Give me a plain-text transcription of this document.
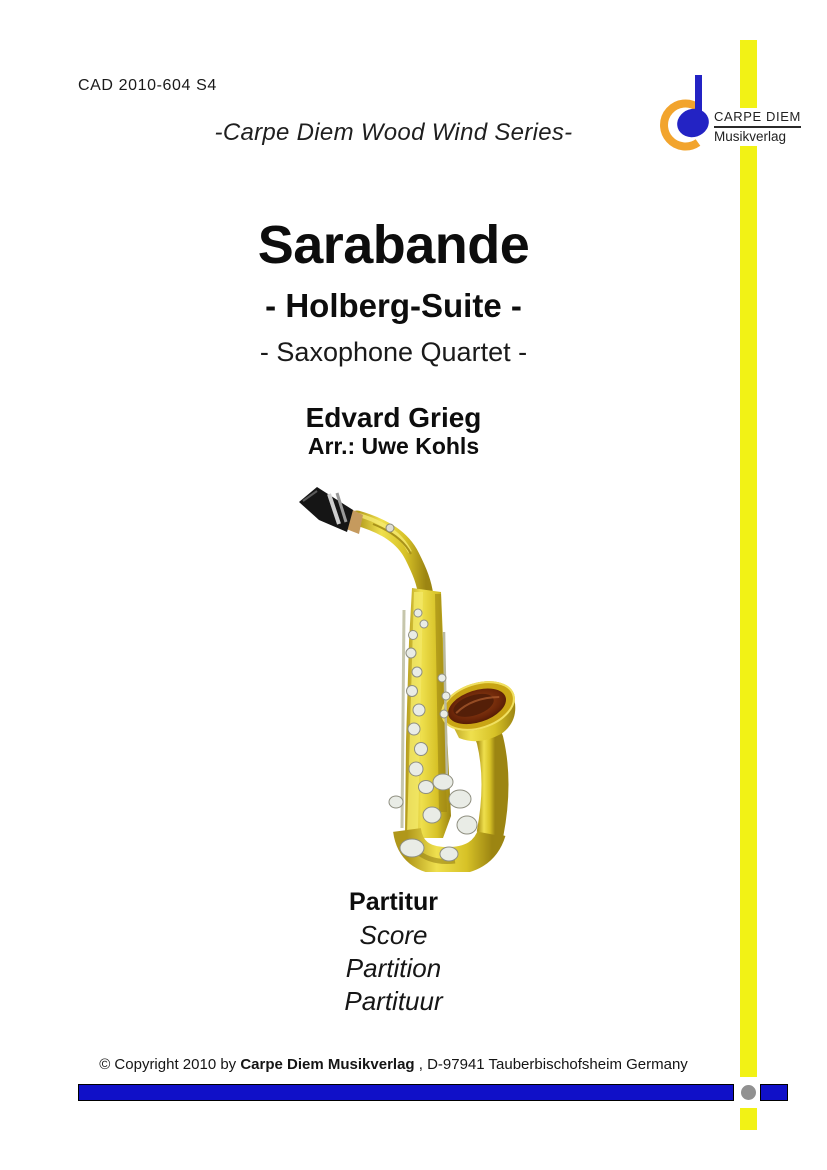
CAD 2010-604 S4
-Carpe Diem Wood Wind Series-
Sarabande
- Holberg-Suite -
- Saxophone Quartet -
Edvard Grieg
Arr.: Uwe Kohls
Partitur
Score
Partition
Partituur
© Copyright 2010 by Carpe Diem Musikverlag , D-97941 Tauberbischofsheim Germany
CARPE DIEM
Musikverlag
